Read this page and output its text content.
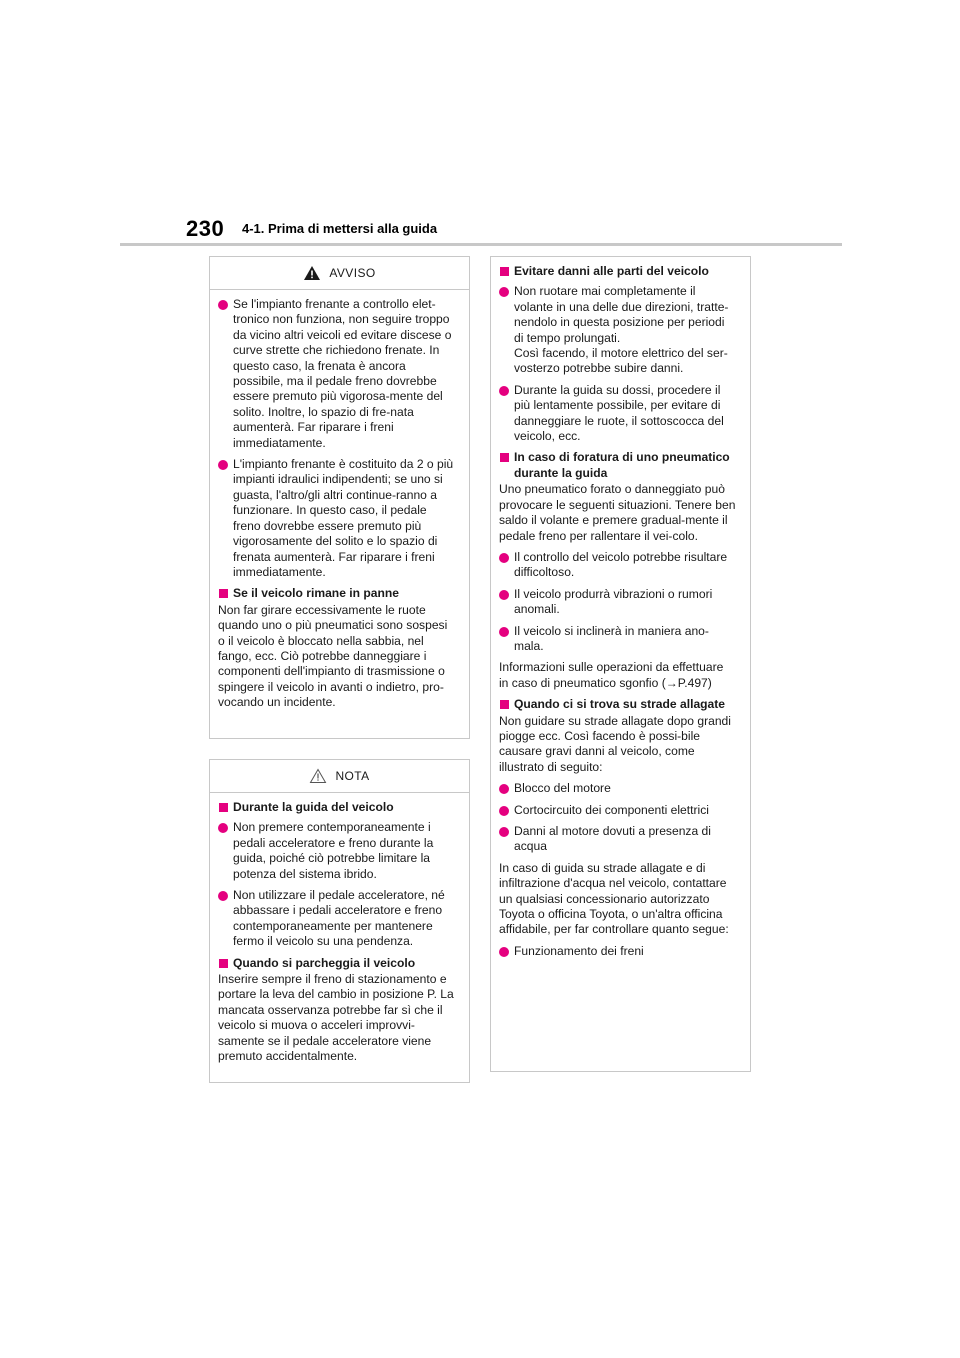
230 4-1. Prima di mettersi alla guida
AVVISO
Se l'impianto frenante a controllo elet-tronico non funziona, non seguire troppo da vicino altri veicoli ed evitare discese o curve strette che richiedono frenate. In questo caso, la frenata è ancora possibile, ma il pedale freno dovrebbe essere premuto più vigorosa-mente del solito. Inoltre, lo spazio di fre-nata aumenterà. Far riparare i freni immediatamente.
L'impianto frenante è costituito da 2 o più impianti idraulici indipendenti; se uno si guasta, l'altro/gli altri continue-ranno a funzionare. In questo caso, il pedale freno dovrebbe essere premuto più vigorosamente del solito e lo spazio di frenata aumenterà. Far riparare i freni immediatamente.
Se il veicolo rimane in panne
Non far girare eccessivamente le ruote quando uno o più pneumatici sono sospesi o il veicolo è bloccato nella sabbia, nel fango, ecc. Ciò potrebbe danneggiare i componenti dell'impianto di trasmissione o spingere il veicolo in avanti o indietro, pro-vocando un incidente.
NOTA
Durante la guida del veicolo
Non premere contemporaneamente i pedali acceleratore e freno durante la guida, poiché ciò potrebbe limitare la potenza del sistema ibrido.
Non utilizzare il pedale acceleratore, né abbassare i pedali acceleratore e freno contemporaneamente per mantenere fermo il veicolo su una pendenza.
Quando si parcheggia il veicolo
Inserire sempre il freno di stazionamento e portare la leva del cambio in posizione P. La mancata osservanza potrebbe far sì che il veicolo si muova o acceleri improvvi-samente se il pedale acceleratore viene premuto accidentalmente.
Evitare danni alle parti del veicolo
Non ruotare mai completamente il volante in una delle due direzioni, tratte-nendolo in questa posizione per periodi di tempo prolungati.
Così facendo, il motore elettrico del ser-vosterzo potrebbe subire danni.
Durante la guida su dossi, procedere il più lentamente possibile, per evitare di danneggiare le ruote, il sottoscocca del veicolo, ecc.
In caso di foratura di uno pneumatico durante la guida
Uno pneumatico forato o danneggiato può provocare le seguenti situazioni. Tenere ben saldo il volante e premere gradual-mente il pedale freno per rallentare il vei-colo.
Il controllo del veicolo potrebbe risultare difficoltoso.
Il veicolo produrrà vibrazioni o rumori anomali.
Il veicolo si inclinerà in maniera ano-mala.
Informazioni sulle operazioni da effettuare in caso di pneumatico sgonfio (→P.497)
Quando ci si trova su strade allagate
Non guidare su strade allagate dopo grandi piogge ecc. Così facendo è possi-bile causare gravi danni al veicolo, come illustrato di seguito:
Blocco del motore
Cortocircuito dei componenti elettrici
Danni al motore dovuti a presenza di acqua
In caso di guida su strade allagate e di infiltrazione d'acqua nel veicolo, contattare un qualsiasi concessionario autorizzato Toyota o officina Toyota, o un'altra officina affidabile, per far controllare quanto segue:
Funzionamento dei freni
